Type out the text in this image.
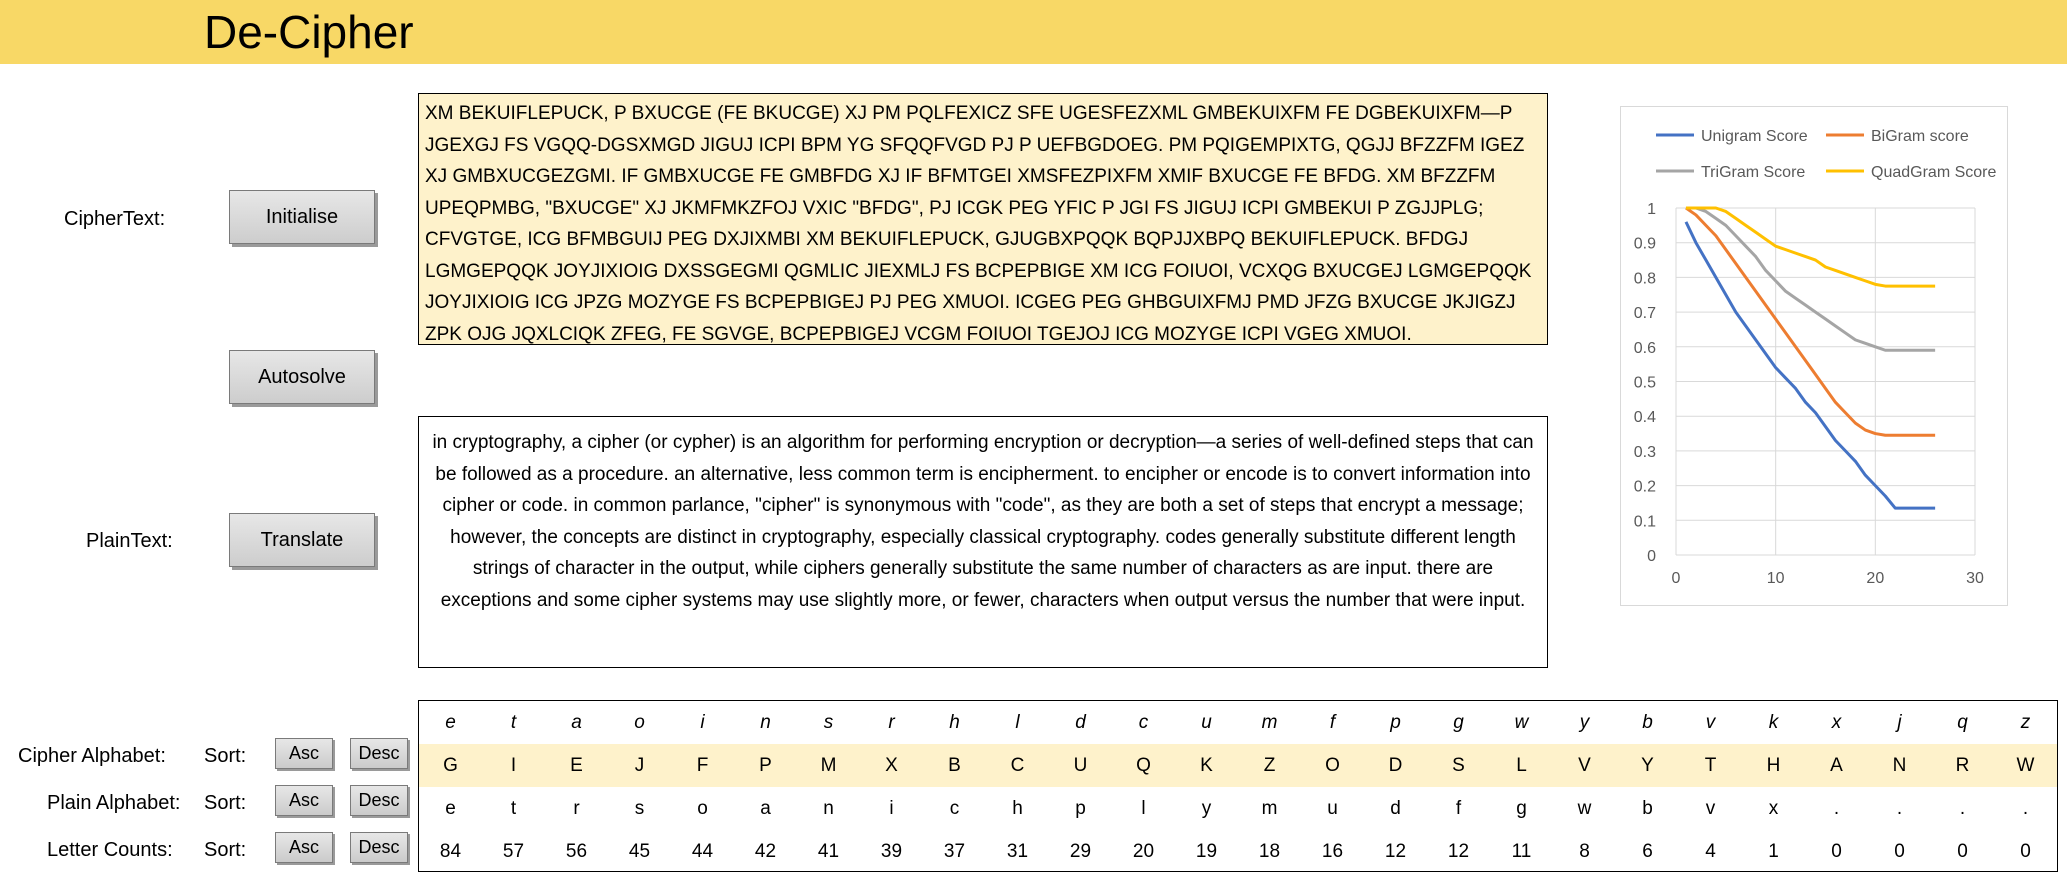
De-Cipher
CipherText:
PlainText:
Initialise
Autosolve
Translate
XM BEKUIFLEPUCK, P BXUCGE (FE BKUCGE) XJ PM PQLFEXICZ SFE UGESFEZXML GMBEKUIXFM FE DGBEKUIXFM—P JGEXGJ FS VGQQ-DGSXMGD JIGUJ ICPI BPM YG SFQQFVGD PJ P UEFBGDOEG. PM PQIGEMPIXTG, QGJJ BFZZFM IGEZ XJ GMBXUCGEZGMI. IF GMBXUCGE FE GMBFDG XJ IF BFMTGEI XMSFEZPIXFM XMIF BXUCGE FE BFDG. XM BFZZFM UPEQPMBG, "BXUCGE" XJ JKMFMKZFOJ VXIC "BFDG", PJ ICGK PEG YFIC P JGI FS JIGUJ ICPI GMBEKUI P ZGJJPLG; CFVGTGE, ICG BFMBGUIJ PEG DXJIXMBI XM BEKUIFLEPUCK, GJUGBXPQQK BQPJJXBPQ BEKUIFLEPUCK. BFDGJ LGMGEPQQK JOYJIXIOIG DXSSGEGMI QGMLIC JIEXMLJ FS BCPEPBIGE XM ICG FOIUOI, VCXQG BXUCGEJ LGMGEPQQK JOYJIXIOIG ICG JPZG MOZYGE FS BCPEPBIGEJ PJ PEG XMUOI. ICGEG PEG GHBGUIXFMJ PMD JFZG BXUCGE JKJIGZJ ZPK OJG JQXLCIQK ZFEG, FE SGVGE, BCPEPBIGEJ VCGM FOIUOI TGEJOJ ICG MOZYGE ICPI VGEG XMUOI.
in cryptography, a cipher (or cypher) is an algorithm for performing encryption or decryption—a series of well-defined steps that can be followed as a procedure. an alternative, less common term is encipherment. to encipher or encode is to convert information into cipher or code. in common parlance, "cipher" is synonymous with "code", as they are both a set of steps that encrypt a message; however, the concepts are distinct in cryptography, especially classical cryptography. codes generally substitute different length strings of character in the output, while ciphers generally substitute the same number of characters as are input. there are exceptions and some cipher systems may use slightly more, or fewer, characters when output versus the number that were input.
0
0.1
0.2
0.3
0.4
0.5
0.6
0.7
0.8
0.9
1
0	10	20	30
Unigram Score	BiGram score
TriGram Score	QuadGram Score
Cipher Alphabet: Sort:	Asc	Desc
Plain Alphabet: Sort:	Asc	Desc
Letter Counts: Sort:	Asc	Desc
e	t	a	o	i	n	s	r	h	l	d	c	u	m	f	p	g	w	y	b	v	k	x	j	q	z
G	I	E	J	F	P	M	X	B	C	U	Q	K	Z	O	D	S	L	V	Y	T	H	A	N	R	W
e	t	r	s	o	a	n	i	c	h	p	l	y	m	u	d	f	g	w	b	v	x	.	.	.	.
84	57	56	45	44	42	41	39	37	31	29	20	19	18	16	12	12	11	8	6	4	1	0	0	0	0
